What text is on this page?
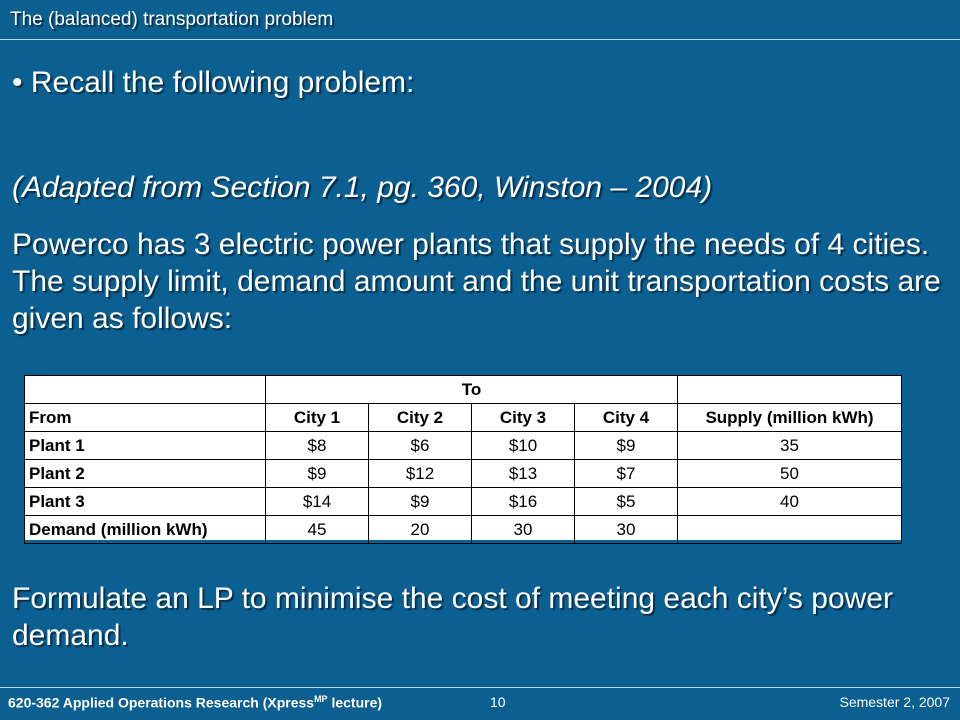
The (balanced) transportation problem

• Recall the following problem:

(Adapted from Section 7.1, pg. 360, Winston – 2004)

Powerco has 3 electric power plants that supply the needs of 4 cities. The supply limit, demand amount and the unit transportation costs are given as follows:

	To				
From	City 1	City 2	City 3	City 4	Supply (million kWh)
Plant 1	$8	$6	$10	$9	35
Plant 2	$9	$12	$13	$7	50
Plant 3	$14	$9	$16	$5	40
Demand (million kWh)	45	20	30	30	

Formulate an LP to minimise the cost of meeting each city’s power demand.

620-362 Applied Operations Research (Xpress$^{MP}$ lecture)	10	Semester 2, 2007
